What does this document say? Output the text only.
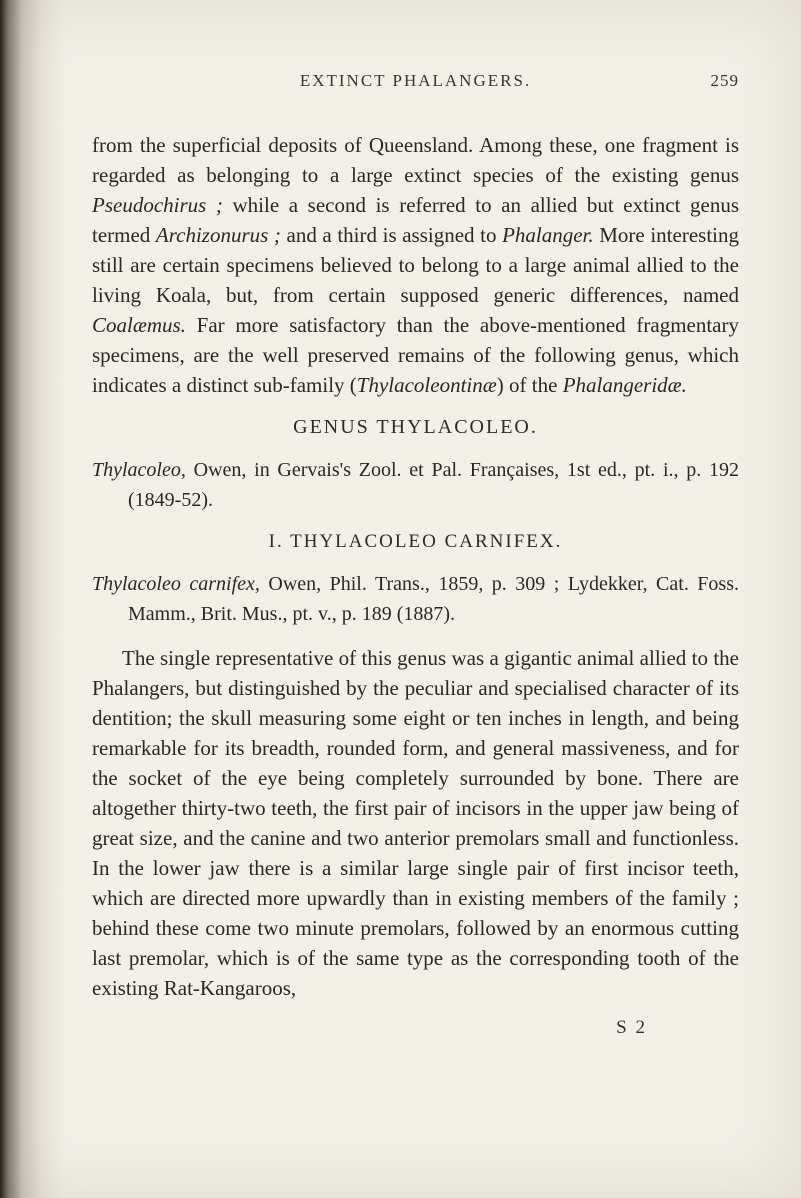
EXTINCT PHALANGERS.	259

from the superficial deposits of Queensland. Among these, one fragment is regarded as belonging to a large extinct species of the existing genus Pseudochirus ; while a second is referred to an allied but extinct genus termed Archizonurus ; and a third is assigned to Phalanger. More interesting still are certain specimens believed to belong to a large animal allied to the living Koala, but, from certain supposed generic differences, named Coalæmus. Far more satisfactory than the above-mentioned fragmentary specimens, are the well preserved remains of the following genus, which indicates a distinct sub-family (Thylacoleontinæ) of the Phalangeridæ.

GENUS THYLACOLEO.

Thylacoleo, Owen, in Gervais's Zool. et Pal. Françaises, 1st ed., pt. i., p. 192 (1849-52).

I. THYLACOLEO CARNIFEX.

Thylacoleo carnifex, Owen, Phil. Trans., 1859, p. 309 ; Lydekker, Cat. Foss. Mamm., Brit. Mus., pt. v., p. 189 (1887).

The single representative of this genus was a gigantic animal allied to the Phalangers, but distinguished by the peculiar and specialised character of its dentition; the skull measuring some eight or ten inches in length, and being remarkable for its breadth, rounded form, and general massiveness, and for the socket of the eye being completely surrounded by bone. There are altogether thirty-two teeth, the first pair of incisors in the upper jaw being of great size, and the canine and two anterior premolars small and functionless. In the lower jaw there is a similar large single pair of first incisor teeth, which are directed more upwardly than in existing members of the family ; behind these come two minute premolars, followed by an enormous cutting last premolar, which is of the same type as the corresponding tooth of the existing Rat-Kangaroos,

S 2
